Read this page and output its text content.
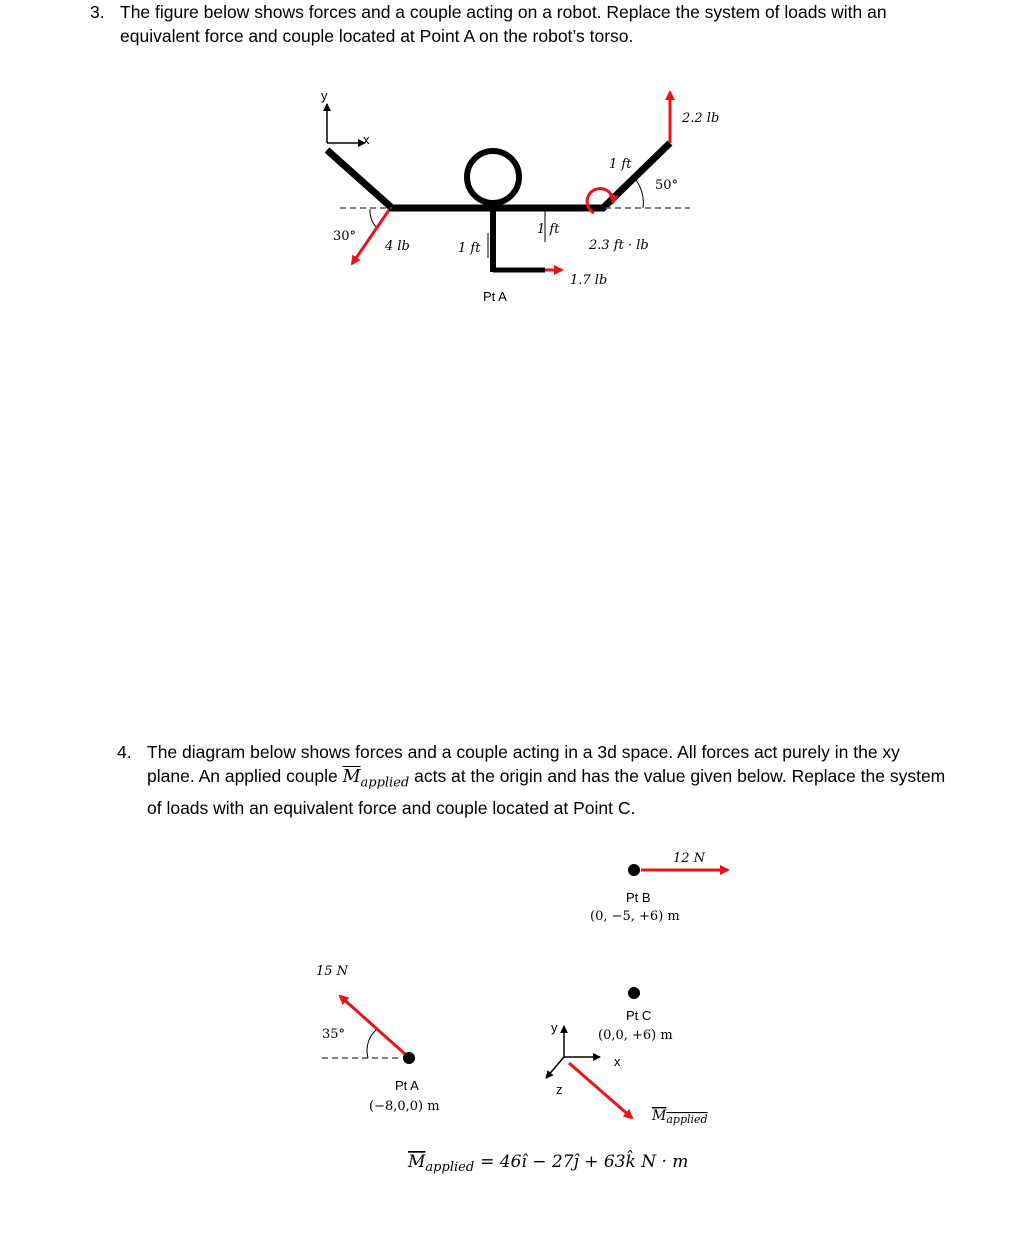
3. The figure below shows forces and a couple acting on a robot. Replace the system of loads with an equivalent force and couple located at Point A on the robot’s torso.
4. The diagram below shows forces and a couple acting in a 3d space. All forces act purely in the xy plane. An applied couple $\overline{M}_{applied}$ acts at the origin and has the value given below. Replace the system of loads with an equivalent force and couple located at Point C.
y
x
30°
4 lb	1 ft
1 ft
1 ft
2.3 ft · lb
1.7 lb
50°
2.2 lb
Pt A
12 N
Pt B
(0, −5, +6) m
15 N
35°
Pt A
(−8,0,0) m
Pt C
(0,0, +6) m
y
x
z
$M_{applied}$
$M_{applied}$ = 46î − 27ĵ + 63k̂ N · m
